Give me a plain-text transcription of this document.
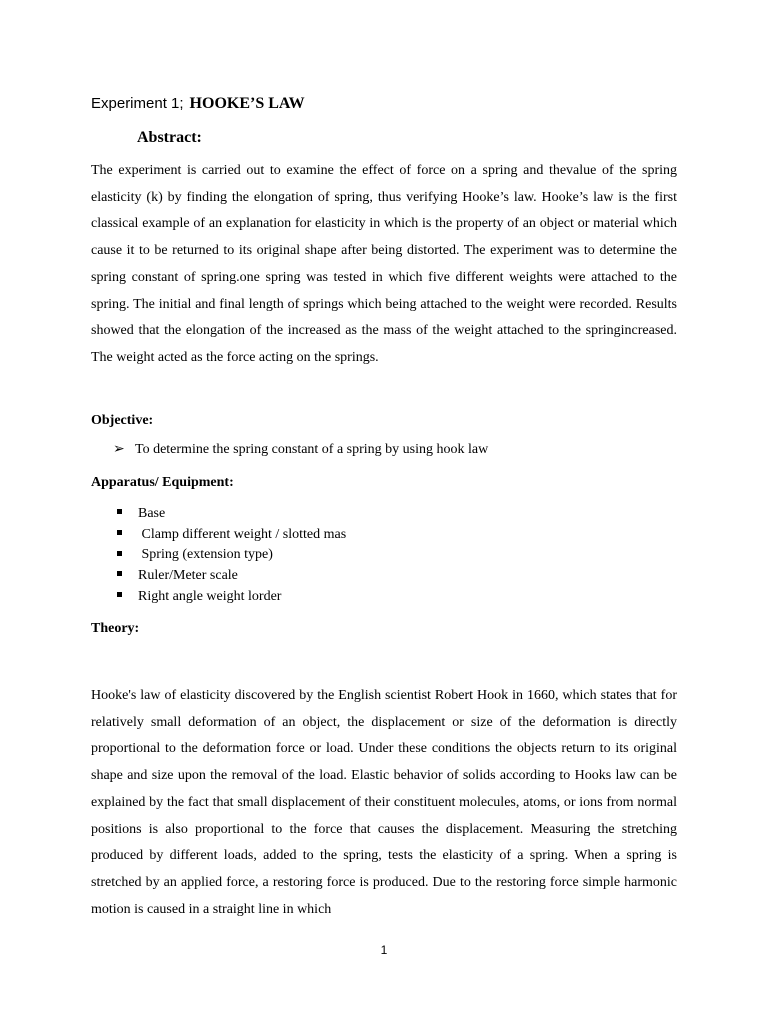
Experiment 1; HOOKE’S LAW
Abstract:
The experiment is carried out to examine the effect of force on a spring and thevalue of the spring elasticity (k) by finding the elongation of spring, thus verifying Hooke’s law. Hooke’s law is the first classical example of an explanation for elasticity in which is the property of an object or material which cause it to be returned to its original shape after being distorted. The experiment was to determine the spring constant of spring.one spring was tested in which five different weights were attached to the spring. The initial and final length of springs which being attached to the weight were recorded. Results showed that the elongation of the increased as the mass of the weight attached to the springincreased. The weight acted as the force acting on the springs.
Objective:
➢ To determine the spring constant of a spring by using hook law
Apparatus/ Equipment:
Base
Clamp different weight / slotted mas
Spring (extension type)
Ruler/Meter scale
Right angle weight lorder
Theory:
Hooke's law of elasticity discovered by the English scientist Robert Hook in 1660, which states that for relatively small deformation of an object, the displacement or size of the deformation is directly proportional to the deformation force or load. Under these conditions the objects return to its original shape and size upon the removal of the load. Elastic behavior of solids according to Hooks law can be explained by the fact that small displacement of their constituent molecules, atoms, or ions from normal positions is also proportional to the force that causes the displacement. Measuring the stretching produced by different loads, added to the spring, tests the elasticity of a spring. When a spring is stretched by an applied force, a restoring force is produced. Due to the restoring force simple harmonic motion is caused in a straight line in which
1
